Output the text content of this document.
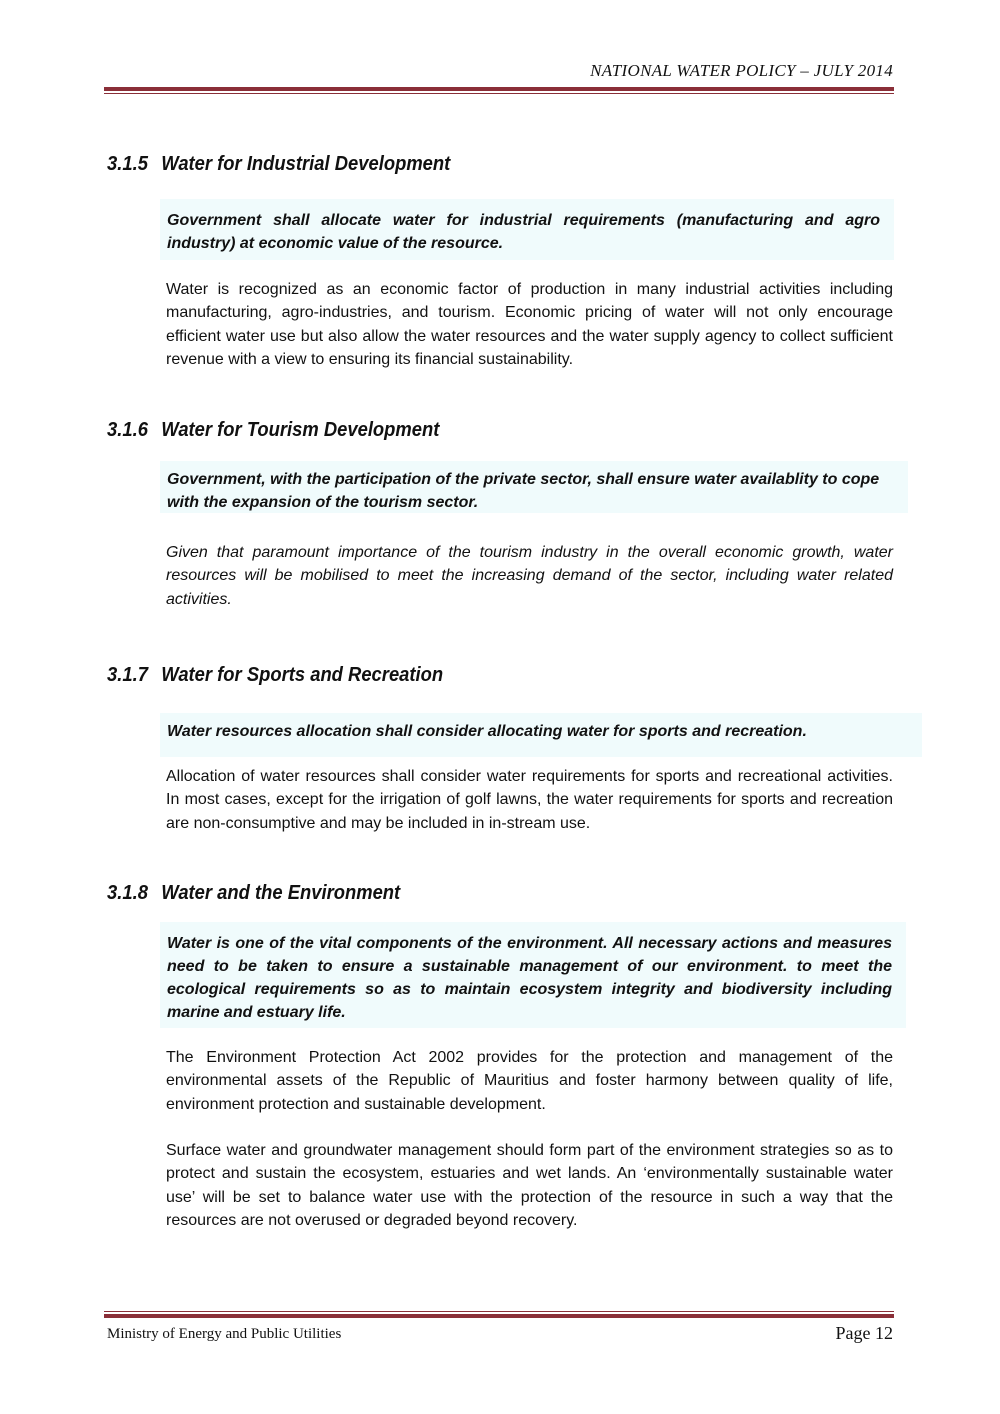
NATIONAL WATER POLICY – JULY 2014
3.1.5 Water for Industrial Development

Government shall allocate water for industrial requirements (manufacturing and agro industry) at economic value of the resource.

Water is recognized as an economic factor of production in many industrial activities including manufacturing, agro-industries, and tourism. Economic pricing of water will not only encourage efficient water use but also allow the water resources and the water supply agency to collect sufficient revenue with a view to ensuring its financial sustainability.

3.1.6 Water for Tourism Development

Government, with the participation of the private sector, shall ensure water availablity to cope with the expansion of the tourism sector.

Given that paramount importance of the tourism industry in the overall economic growth, water resources will be mobilised to meet the increasing demand of the sector, including water related activities.

3.1.7 Water for Sports and Recreation

Water resources allocation shall consider allocating water for sports and recreation.

Allocation of water resources shall consider water requirements for sports and recreational activities. In most cases, except for the irrigation of golf lawns, the water requirements for sports and recreation are non-consumptive and may be included in in-stream use.

3.1.8 Water and the Environment

Water is one of the vital components of the environment. All necessary actions and measures need to be taken to ensure a sustainable management of our environment. to meet the ecological requirements so as to maintain ecosystem integrity and biodiversity including marine and estuary life.

The Environment Protection Act 2002 provides for the protection and management of the environmental assets of the Republic of Mauritius and foster harmony between quality of life, environment protection and sustainable development.

Surface water and groundwater management should form part of the environment strategies so as to protect and sustain the ecosystem, estuaries and wet lands. An ‘environmentally sustainable water use’ will be set to balance water use with the protection of the resource in such a way that the resources are not overused or degraded beyond recovery.

Ministry of Energy and Public Utilities	Page 12
